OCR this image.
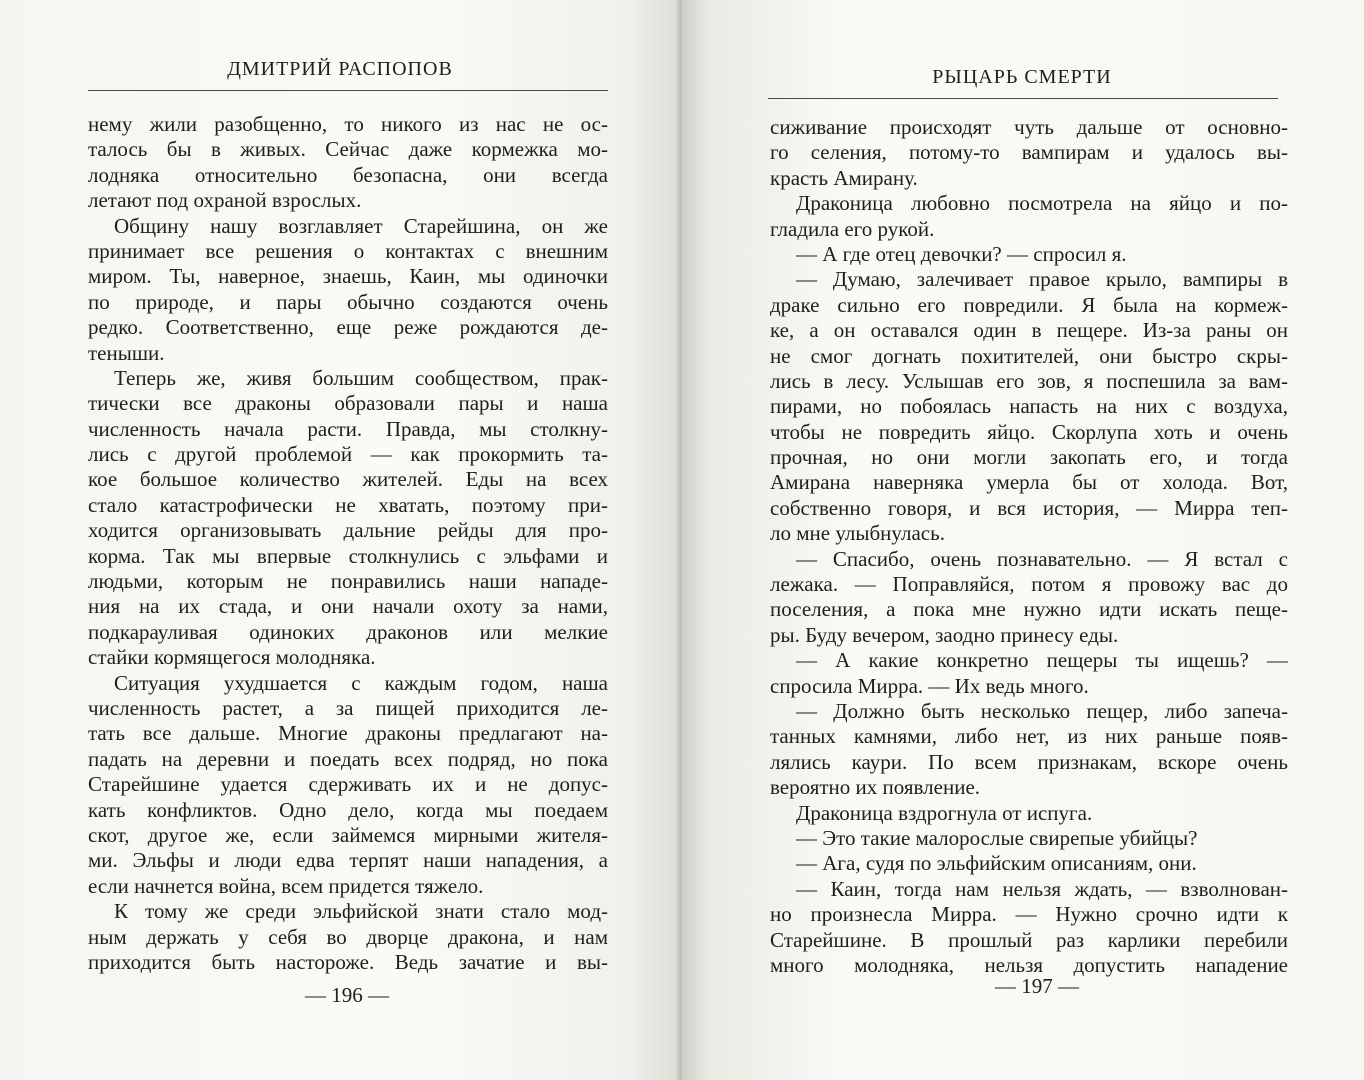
ДМИТРИЙ РАСПОПОВ
нему жили разобщенно, то никого из нас не ос-
талось бы в живых. Сейчас даже кормежка мо-
лодняка относительно безопасна, они всегда
летают под охраной взрослых.
Общину нашу возглавляет Старейшина, он же
принимает все решения о контактах с внешним
миром. Ты, наверное, знаешь, Каин, мы одиночки
по природе, и пары обычно создаются очень
редко. Соответственно, еще реже рождаются де-
теныши.
Теперь же, живя большим сообществом, прак-
тически все драконы образовали пары и наша
численность начала расти. Правда, мы столкну-
лись с другой проблемой — как прокормить та-
кое большое количество жителей. Еды на всех
стало катастрофически не хватать, поэтому при-
ходится организовывать дальние рейды для про-
корма. Так мы впервые столкнулись с эльфами и
людьми, которым не понравились наши нападе-
ния на их стада, и они начали охоту за нами,
подкарауливая одиноких драконов или мелкие
стайки кормящегося молодняка.
Ситуация ухудшается с каждым годом, наша
численность растет, а за пищей приходится ле-
тать все дальше. Многие драконы предлагают на-
падать на деревни и поедать всех подряд, но пока
Старейшине удается сдерживать их и не допус-
кать конфликтов. Одно дело, когда мы поедаем
скот, другое же, если займемся мирными жителя-
ми. Эльфы и люди едва терпят наши нападения, а
если начнется война, всем придется тяжело.
К тому же среди эльфийской знати стало мод-
ным держать у себя во дворце дракона, и нам
приходится быть настороже. Ведь зачатие и вы-
— 196 —
РЫЦАРЬ СМЕРТИ
сиживание происходят чуть дальше от основно-
го селения, потому-то вампирам и удалось вы-
красть Амирану.
Драконица любовно посмотрела на яйцо и по-
гладила его рукой.
— А где отец девочки? — спросил я.
— Думаю, залечивает правое крыло, вампиры в
драке сильно его повредили. Я была на кормеж-
ке, а он оставался один в пещере. Из-за раны он
не смог догнать похитителей, они быстро скры-
лись в лесу. Услышав его зов, я поспешила за вам-
пирами, но побоялась напасть на них с воздуха,
чтобы не повредить яйцо. Скорлупа хоть и очень
прочная, но они могли закопать его, и тогда
Амирана наверняка умерла бы от холода. Вот,
собственно говоря, и вся история, — Мирра теп-
ло мне улыбнулась.
— Спасибо, очень познавательно. — Я встал с
лежака. — Поправляйся, потом я провожу вас до
поселения, а пока мне нужно идти искать пеще-
ры. Буду вечером, заодно принесу еды.
— А какие конкретно пещеры ты ищешь? —
спросила Мирра. — Их ведь много.
— Должно быть несколько пещер, либо запеча-
танных камнями, либо нет, из них раньше появ-
лялись каури. По всем признакам, вскоре очень
вероятно их появление.
Драконица вздрогнула от испуга.
— Это такие малорослые свирепые убийцы?
— Ага, судя по эльфийским описаниям, они.
— Каин, тогда нам нельзя ждать, — взволнован-
но произнесла Мирра. — Нужно срочно идти к
Старейшине. В прошлый раз карлики перебили
много молодняка, нельзя допустить нападение
— 197 —
